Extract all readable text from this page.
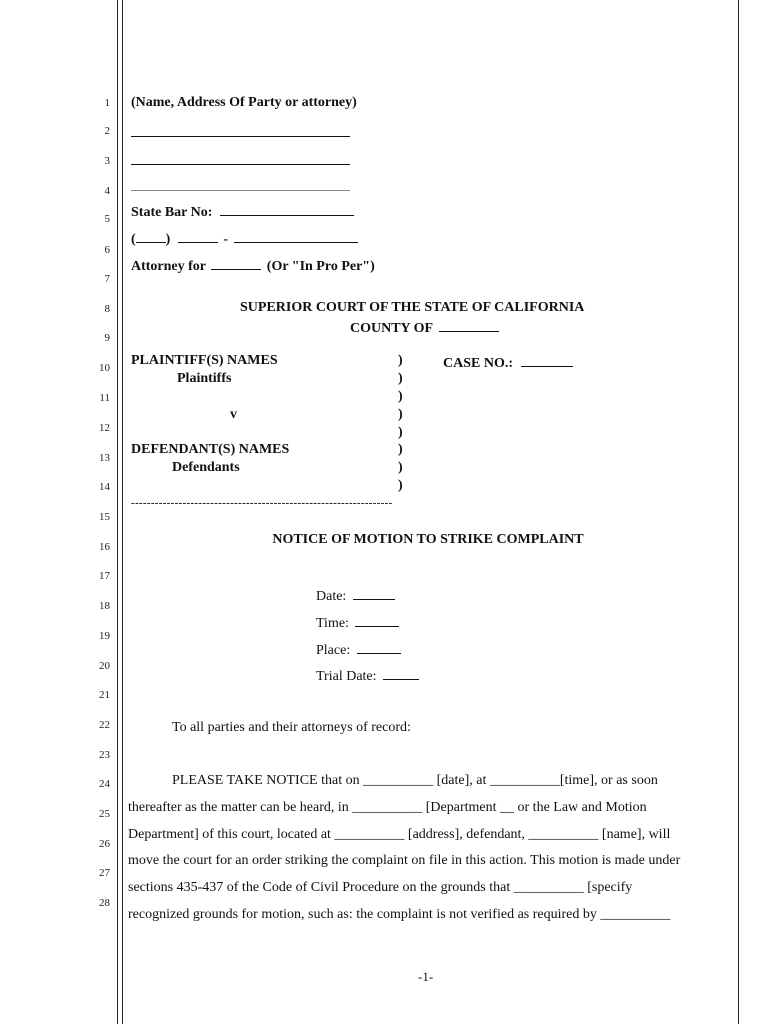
1
2
3
4
5
6
7
8
9
10
11
12
13
14
15
16
17
18
19
20
21
22
23
24
25
26
27
28
(Name, Address Of Party or attorney)
State Bar No:
( )	-
Attorney for	(Or "In Pro Per")
SUPERIOR COURT OF THE STATE OF CALIFORNIA
COUNTY OF
PLAINTIFF(S) NAMES
Plaintiffs
v
DEFENDANT(S) NAMES
Defendants
)
)
)
)
)
)
)
)
CASE NO.:
------------------------------------------------------------------
NOTICE OF MOTION TO STRIKE COMPLAINT
Date:
Time:
Place:
Trial Date:
To all parties and their attorneys of record:
PLEASE TAKE NOTICE that on __________ [date], at __________[time], or as soon
thereafter as the matter can be heard, in __________ [Department __ or the Law and Motion
Department] of this court, located at __________ [address], defendant, __________ [name], will
move the court for an order striking the complaint on file in this action. This motion is made under
sections 435-437 of the Code of Civil Procedure on the grounds that __________ [specify
recognized grounds for motion, such as: the complaint is not verified as required by __________
-1-
